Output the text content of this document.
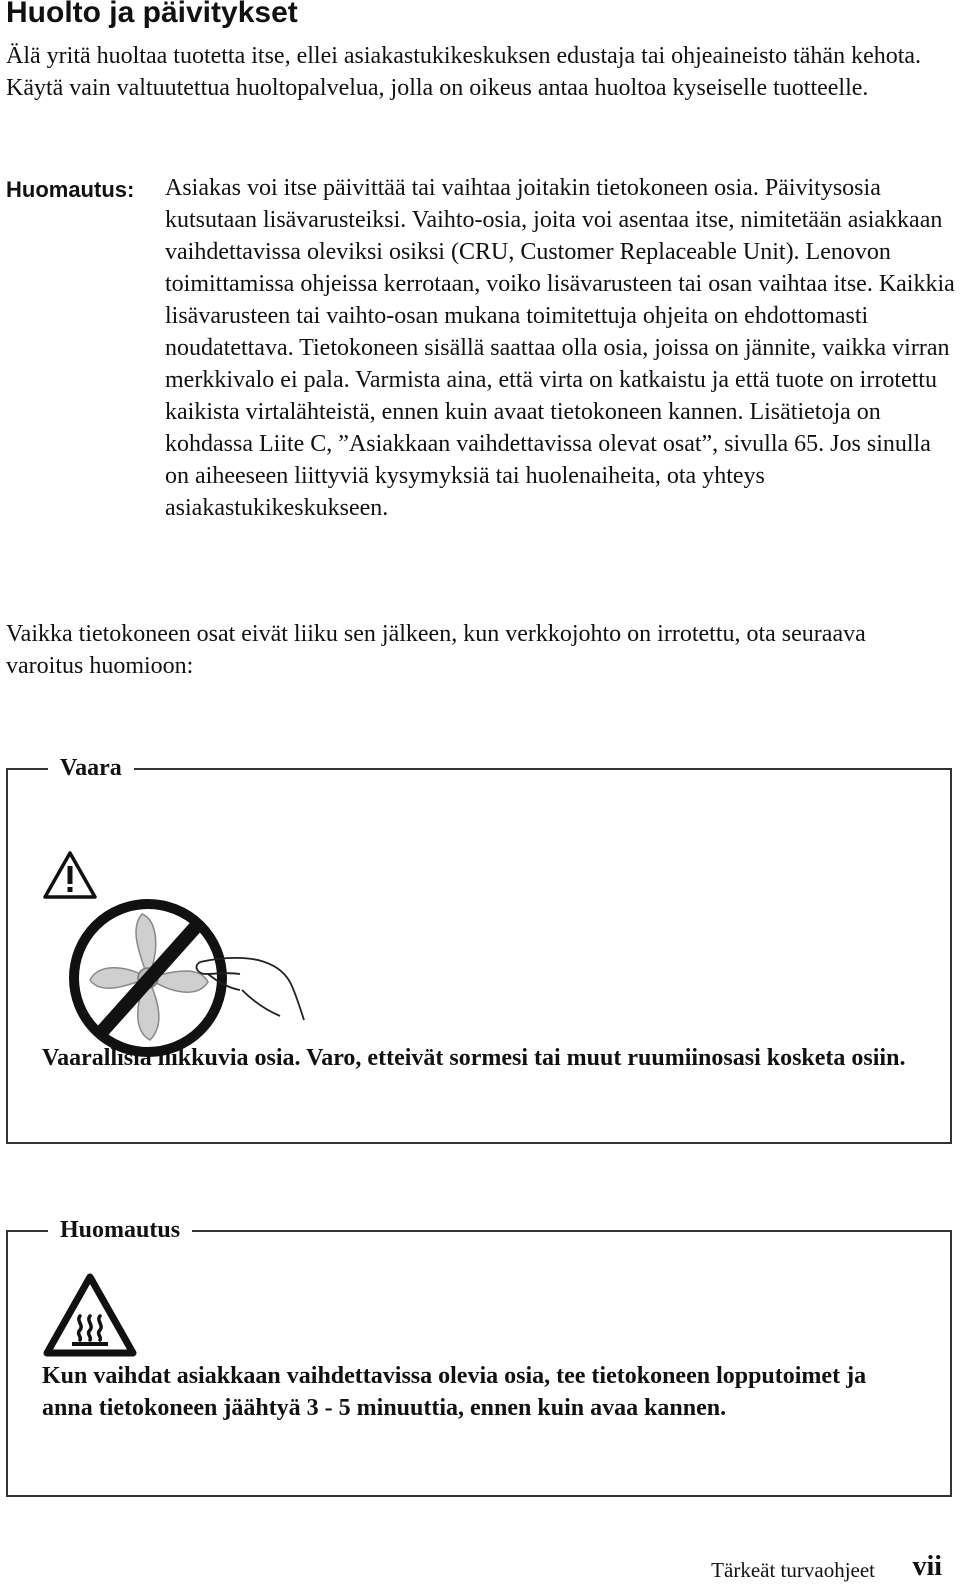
Huolto ja päivitykset

Älä yritä huoltaa tuotetta itse, ellei asiakastukikeskuksen edustaja tai ohjeaineisto tähän kehota. Käytä vain valtuutettua huoltopalvelua, jolla on oikeus antaa huoltoa kyseiselle tuotteelle.

Huomautus: Asiakas voi itse päivittää tai vaihtaa joitakin tietokoneen osia. Päivitysosia kutsutaan lisävarusteiksi. Vaihto-osia, joita voi asentaa itse, nimitetään asiakkaan vaihdettavissa oleviksi osiksi (CRU, Customer Replaceable Unit). Lenovon toimittamissa ohjeissa kerrotaan, voiko lisävarusteen tai osan vaihtaa itse. Kaikkia lisävarusteen tai vaihto-osan mukana toimitettuja ohjeita on ehdottomasti noudatettava. Tietokoneen sisällä saattaa olla osia, joissa on jännite, vaikka virran merkkivalo ei pala. Varmista aina, että virta on katkaistu ja että tuote on irrotettu kaikista virtalähteistä, ennen kuin avaat tietokoneen kannen. Lisätietoja on kohdassa Liite C, ”Asiakkaan vaihdettavissa olevat osat”, sivulla 65. Jos sinulla on aiheeseen liittyviä kysymyksiä tai huolenaiheita, ota yhteys asiakastukikeskukseen.

Vaikka tietokoneen osat eivät liiku sen jälkeen, kun verkkojohto on irrotettu, ota seuraava varoitus huomioon:

Vaara

Vaarallisia liikkuvia osia. Varo, etteivät sormesi tai muut ruumiinosasi kosketa osiin.

Huomautus

Kun vaihdat asiakkaan vaihdettavissa olevia osia, tee tietokoneen lopputoimet ja anna tietokoneen jäähtyä 3 - 5 minuuttia, ennen kuin avaa kannen.

Tärkeät turvaohjeet vii
